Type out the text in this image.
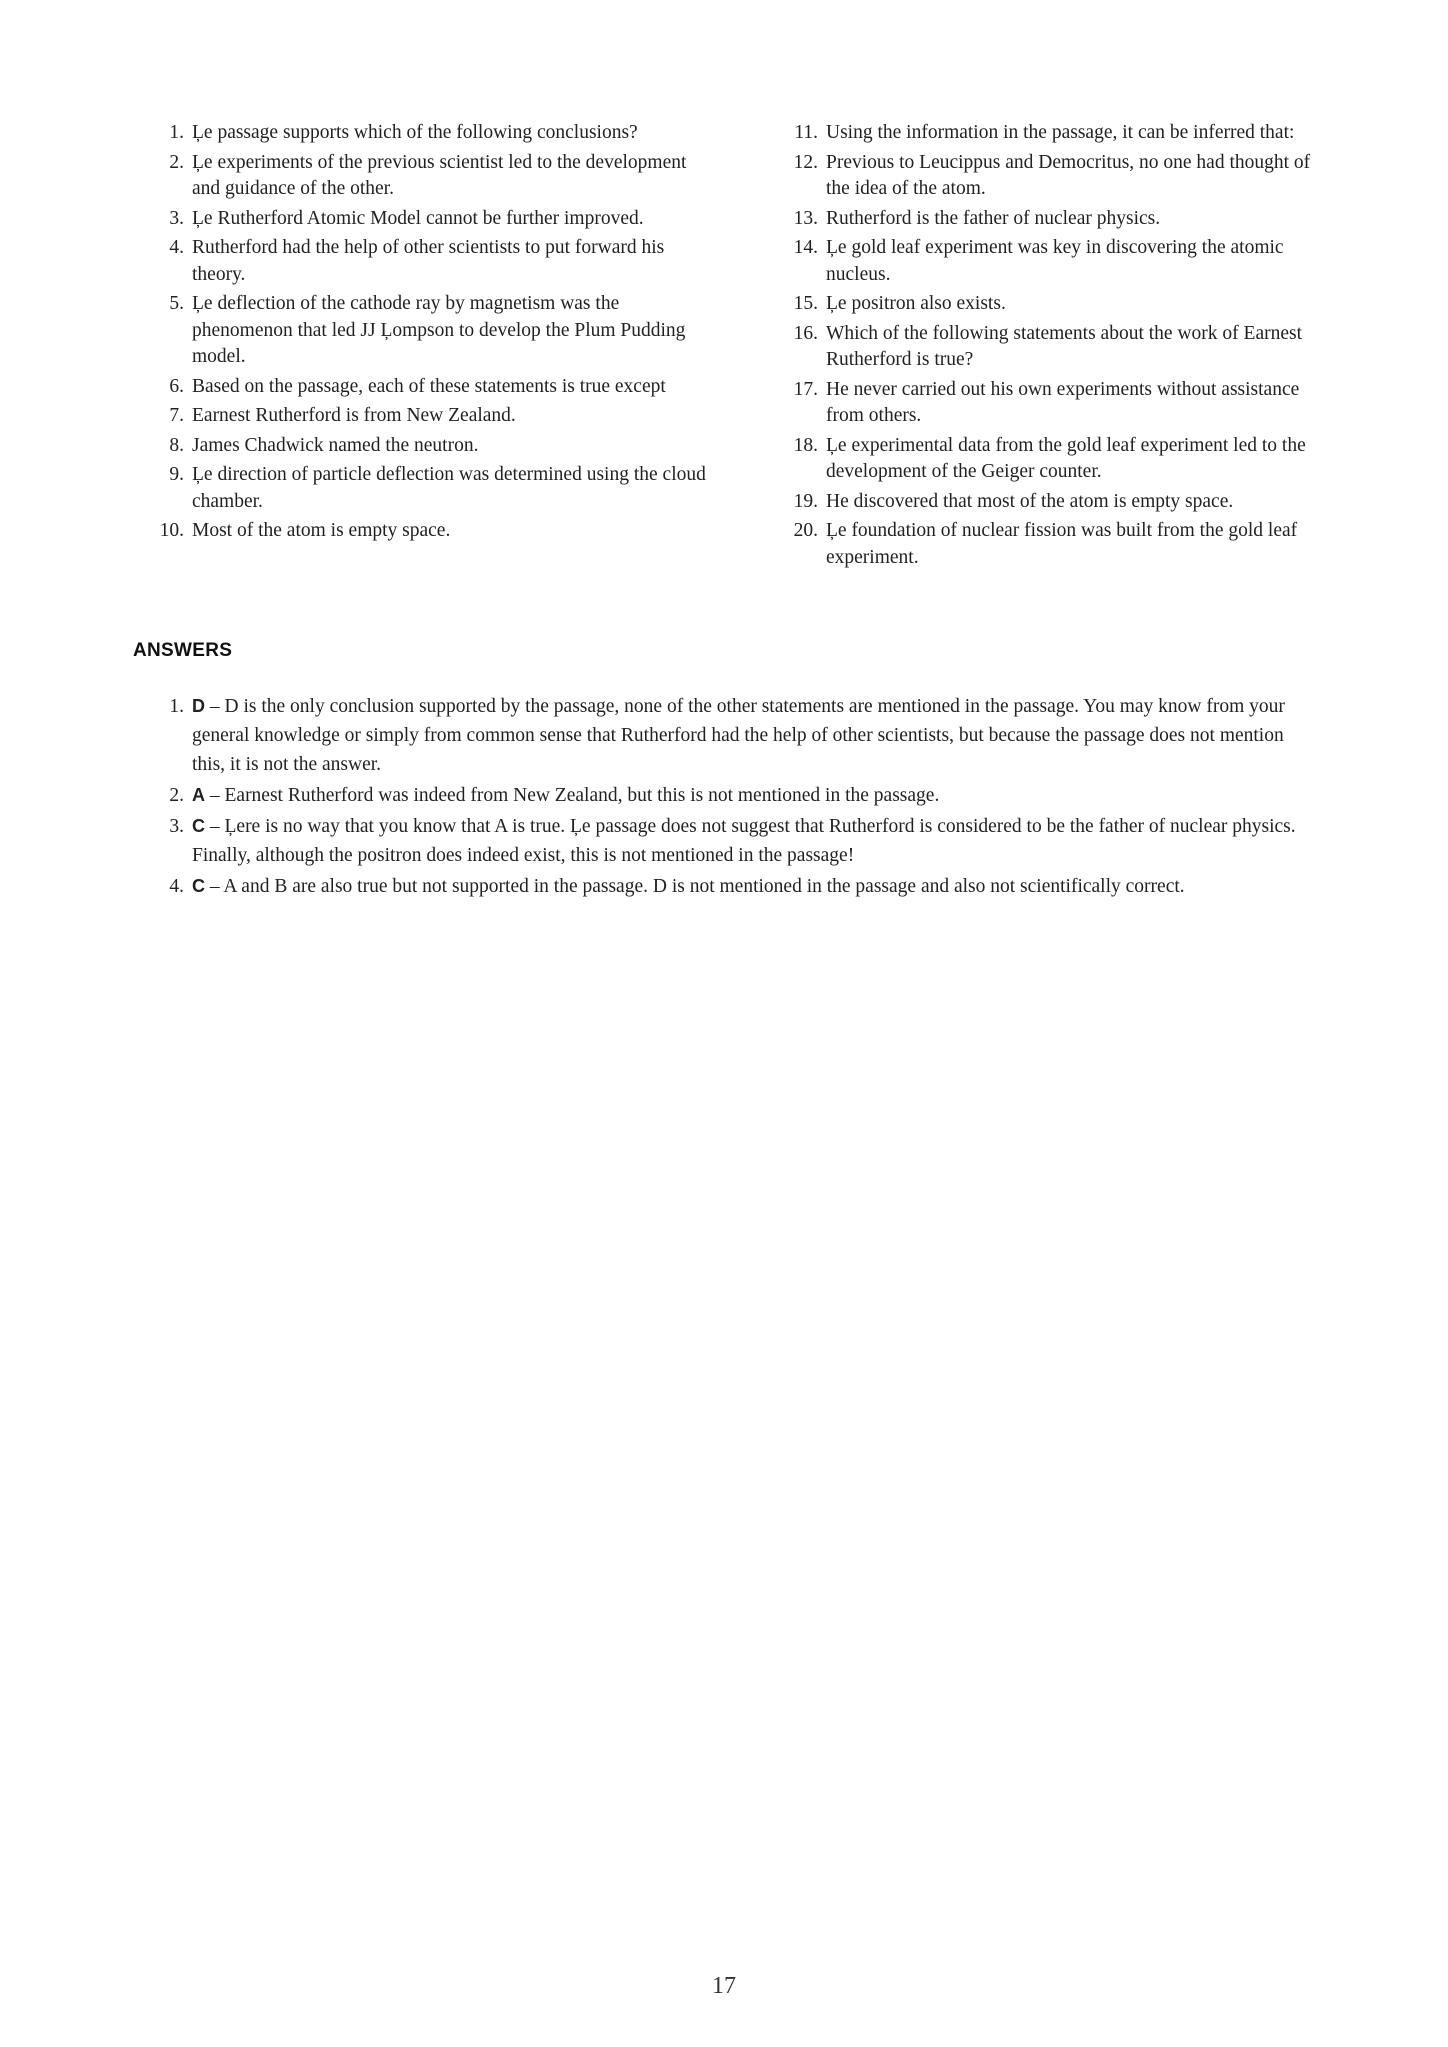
1. Ļe passage supports which of the following conclusions?
2. Ļe experiments of the previous scientist led to the development and guidance of the other.
3. Ļe Rutherford Atomic Model cannot be further improved.
4. Rutherford had the help of other scientists to put forward his theory.
5. Ļe deflection of the cathode ray by magnetism was the phenomenon that led JJ Ļompson to develop the Plum Pudding model.
6. Based on the passage, each of these statements is true except
7. Earnest Rutherford is from New Zealand.
8. James Chadwick named the neutron.
9. Ļe direction of particle deflection was determined using the cloud chamber.
10. Most of the atom is empty space.
11. Using the information in the passage, it can be inferred that:
12. Previous to Leucippus and Democritus, no one had thought of the idea of the atom.
13. Rutherford is the father of nuclear physics.
14. Ļe gold leaf experiment was key in discovering the atomic nucleus.
15. Ļe positron also exists.
16. Which of the following statements about the work of Earnest Rutherford is true?
17. He never carried out his own experiments without assistance from others.
18. Ļe experimental data from the gold leaf experiment led to the development of the Geiger counter.
19. He discovered that most of the atom is empty space.
20. Ļe foundation of nuclear fission was built from the gold leaf experiment.
ANSWERS
1. D – D is the only conclusion supported by the passage, none of the other statements are mentioned in the passage. You may know from your general knowledge or simply from common sense that Rutherford had the help of other scientists, but because the passage does not mention this, it is not the answer.
2. A – Earnest Rutherford was indeed from New Zealand, but this is not mentioned in the passage.
3. C – Ļere is no way that you know that A is true. Ļe passage does not suggest that Rutherford is considered to be the father of nuclear physics. Finally, although the positron does indeed exist, this is not mentioned in the passage!
4. C – A and B are also true but not supported in the passage. D is not mentioned in the passage and also not scientifically correct.
17
